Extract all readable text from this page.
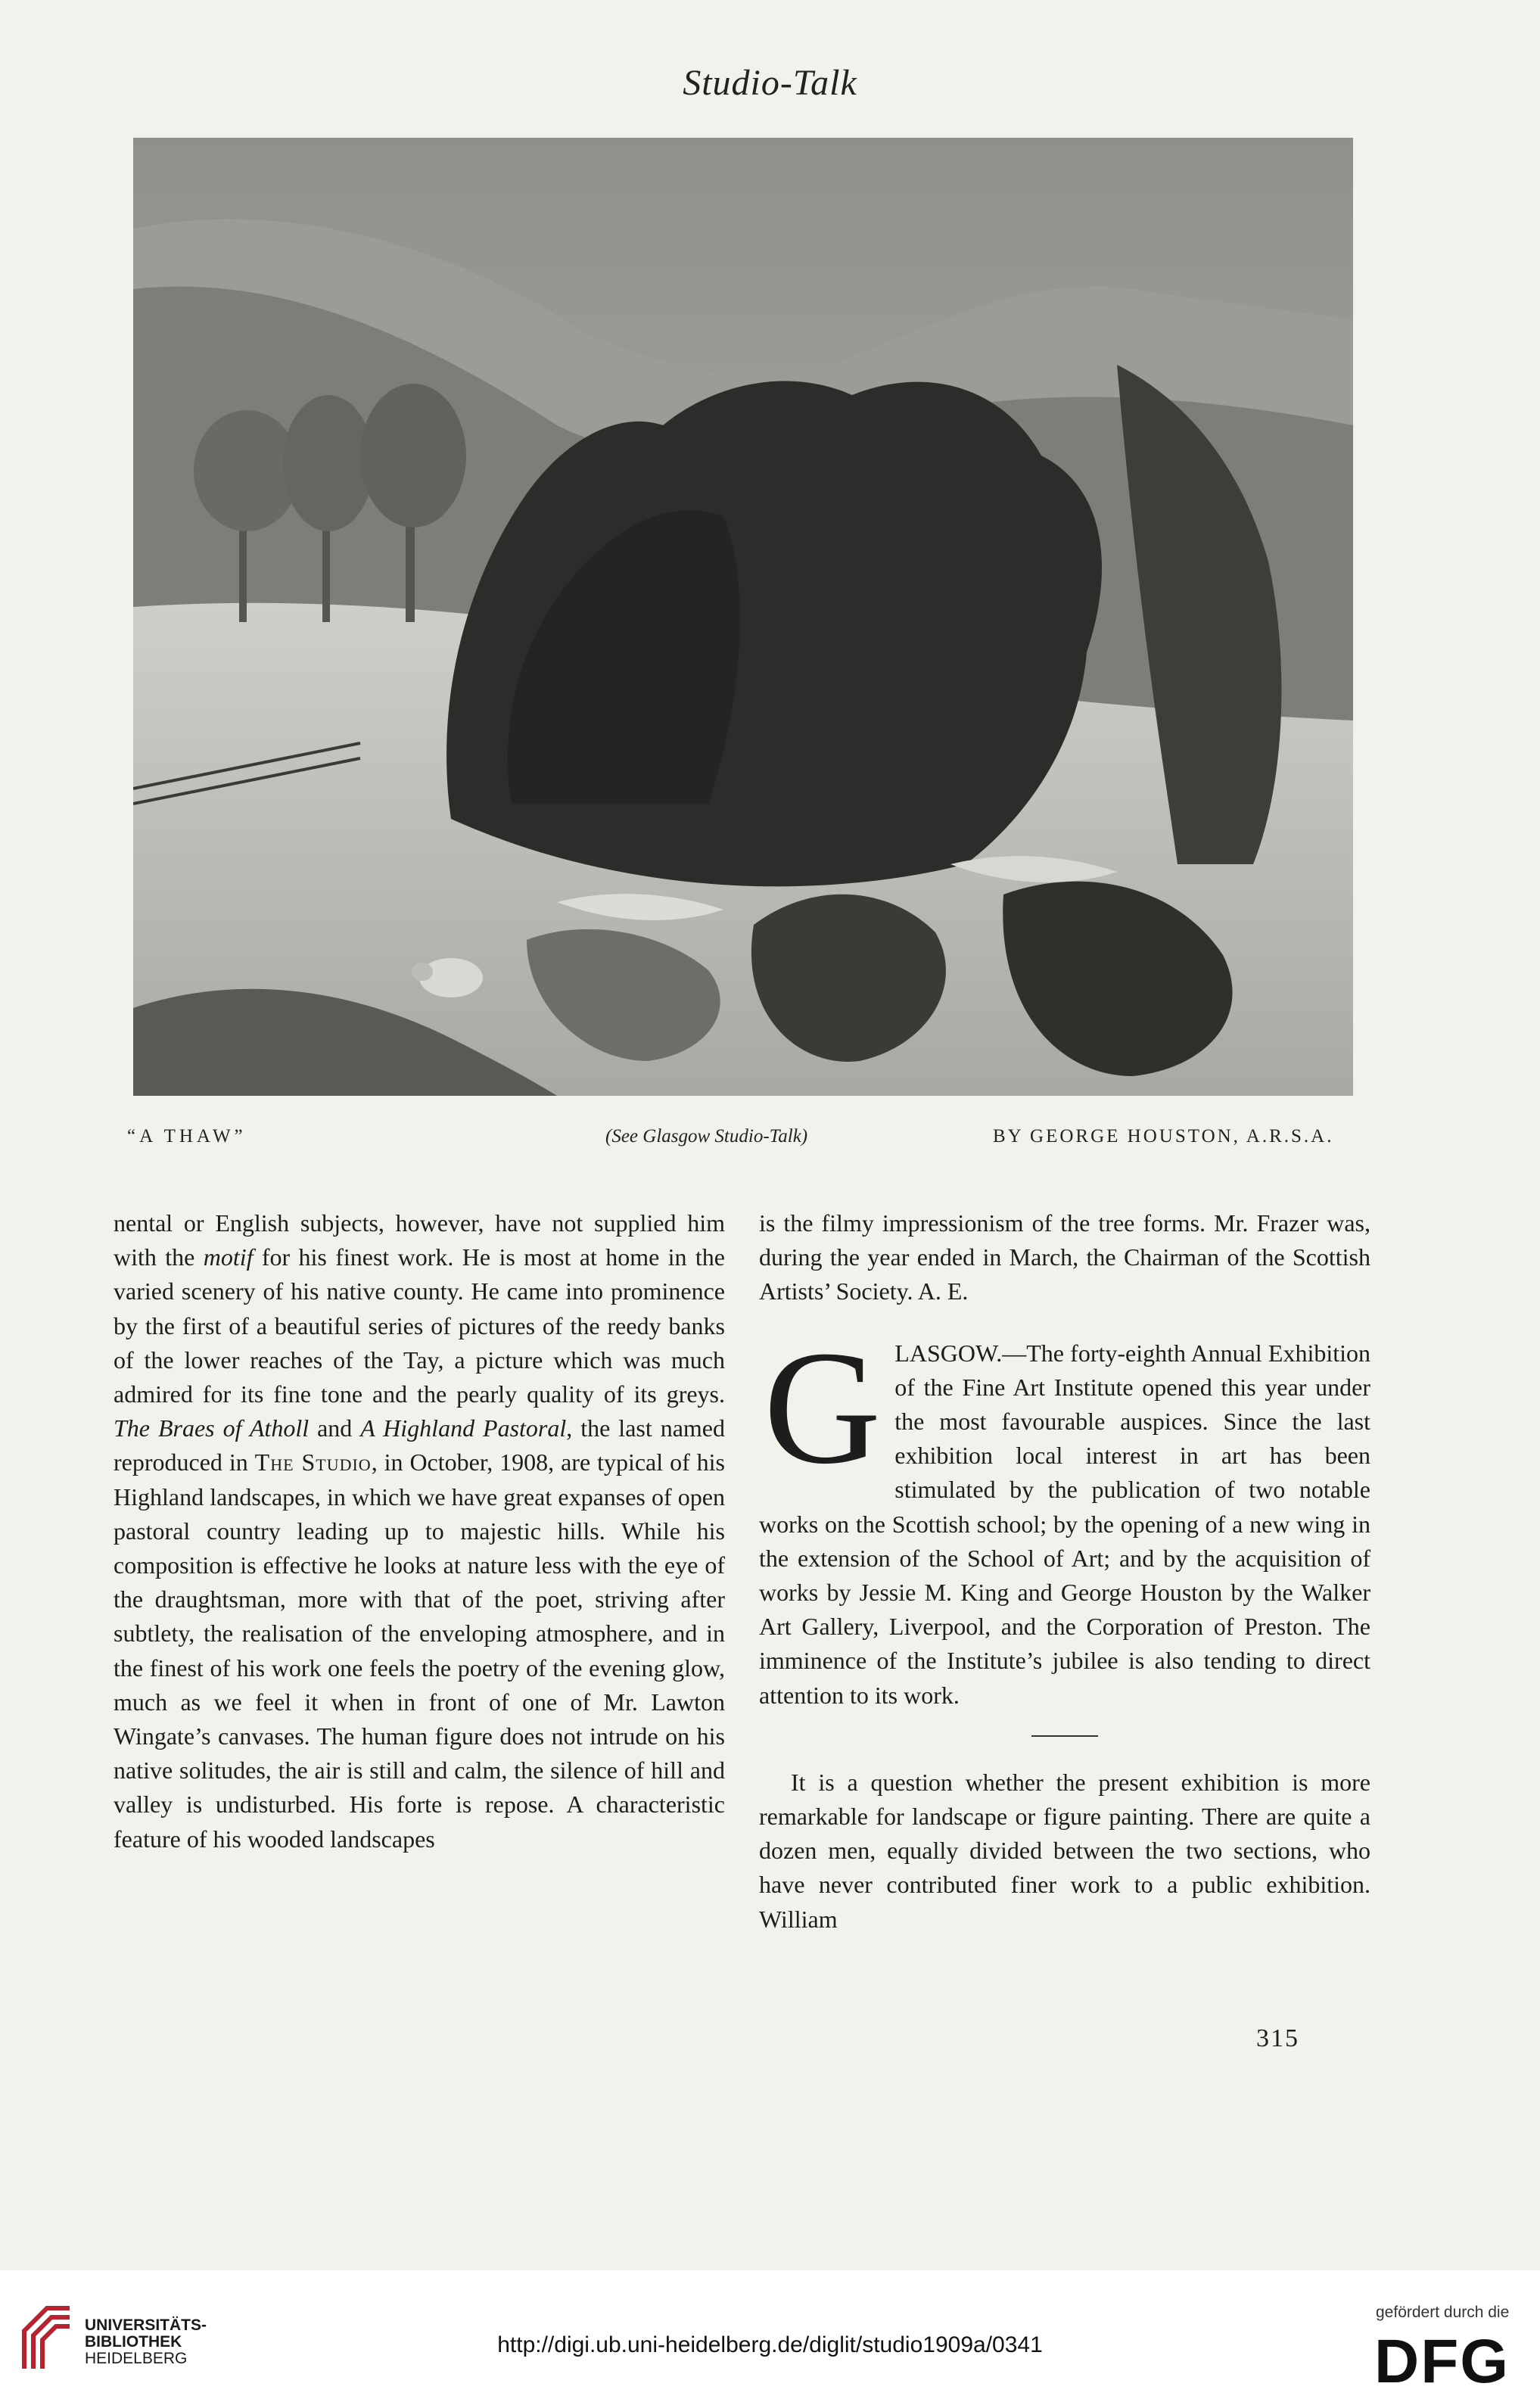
Studio-Talk
“A THAW”	(See Glasgow Studio-Talk)	BY GEORGE HOUSTON, A.R.S.A.

nental or English subjects, however, have not supplied him with the motif for his finest work. He is most at home in the varied scenery of his native county. He came into prominence by the first of a beautiful series of pictures of the reedy banks of the lower reaches of the Tay, a picture which was much admired for its fine tone and the pearly quality of its greys. The Braes of Atholl and A Highland Pastoral, the last named reproduced in The Studio, in October, 1908, are typical of his Highland landscapes, in which we have great expanses of open pastoral country leading up to majestic hills. While his composition is effective he looks at nature less with the eye of the draughtsman, more with that of the poet, striving after subtlety, the realisation of the enveloping atmosphere, and in the finest of his work one feels the poetry of the evening glow, much as we feel it when in front of one of Mr. Lawton Wingate’s canvases. The human figure does not intrude on his native solitudes, the air is still and calm, the silence of hill and valley is undisturbed. His forte is repose. A characteristic feature of his wooded landscapes

is the filmy impressionism of the tree forms. Mr. Frazer was, during the year ended in March, the Chairman of the Scottish Artists’ Society. A. E.

GLASGOW.—The forty-eighth Annual Exhibition of the Fine Art Institute opened this year under the most favourable auspices. Since the last exhibition local interest in art has been stimulated by the publication of two notable works on the Scottish school; by the opening of a new wing in the extension of the School of Art; and by the acquisition of works by Jessie M. King and George Houston by the Walker Art Gallery, Liverpool, and the Corporation of Preston. The imminence of the Institute’s jubilee is also tending to direct attention to its work.

It is a question whether the present exhibition is more remarkable for landscape or figure painting. There are quite a dozen men, equally divided between the two sections, who have never contributed finer work to a public exhibition. William

315
UNIVERSITÄTS-
BIBLIOTHEK
HEIDELBERG
http://digi.ub.uni-heidelberg.de/diglit/studio1909a/0341
gefördert durch die
DFG
